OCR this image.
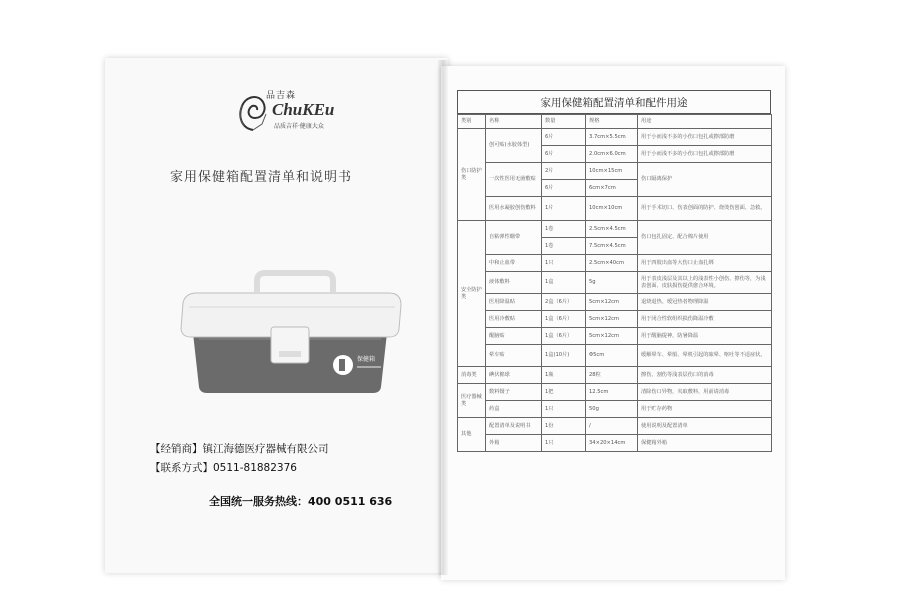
品吉森
ChuKEu
品质吉祥·健康大众
家用保健箱配置清单和说明书
保健箱
【经销商】镇江海德医疗器械有限公司
【联系方式】0511-81882376
全国统一服务热线：400 0511 636
家用保健箱配置清单和配件用途
类别	名称	数量	规格	用途
伤口防护类	创可贴(水胶体型)	6片	3.7cm×5.5cm	用于小而浅不多的小伤口包扎或擦部防磨
		6片	2.0cm×6.0cm	用于小而浅不多的小伤口包扎或擦部防磨
	一次性医用无菌敷贴	2片	10cm×15cm	伤口隔离保护
		6片	6cm×7cm	
	医用水凝胶创伤敷料	1片	10cm×10cm	用于手术切口、伤表创面的防护、烧烫伤创面、急救。
安全防护类	自粘弹性绷带	1卷	2.5cm×4.5cm	伤口包扎固定、配合棉片使用
		1卷	7.5cm×4.5cm	
	中和止血带	1只	2.5cm×40cm	用于四肢出血等大伤口止血扎绑
	液体敷料	1盒	5g	用于表皮浅层及其以上的浅表性小创伤、擦伤等，为浅表创面、皮肤损伤提供愈合环境。
	医用降温贴	2盒（6片）	5cm×12cm	退烧退热、缓冠热者物理降温
	医用冷敷贴	1盒（6片）	5cm×12cm	用于闭合性软组织损伤降温冷敷
	醒脑贴	1盒（6片）	5cm×12cm	用于醒脑提神，防暑降温
	晕车贴	1盒(10片)	Φ5cm	缓解晕车、晕船、晕机引起的眩晕、呕吐等不适症状。
消毒类	碘伏棉球	1瓶	28粒	擦伤、割伤等浅表层伤口的消毒
医疗器械类	数料镊子	1把	12.5cm	清除伤口异物，夹取敷料，用前请消毒
	药盒	1只	50g	用于贮存药物
其他	配置清单及说明书	1份	/	使用说明及配置清单
	外箱	1只	34×20×14cm	保健箱外箱
